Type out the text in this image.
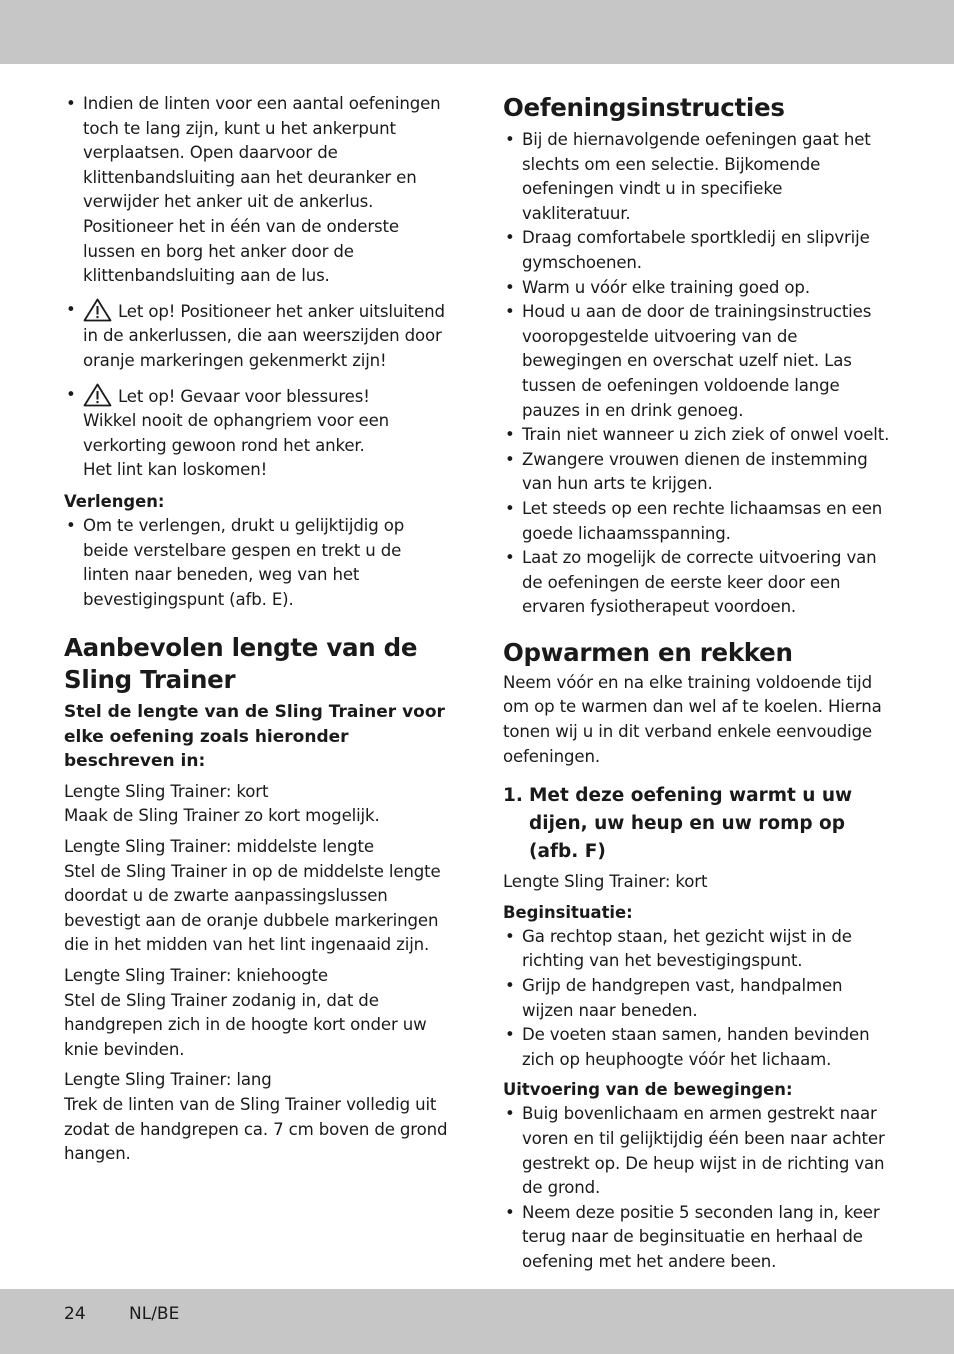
• Indien de linten voor een aantal oefeningen toch te lang zijn, kunt u het ankerpunt verplaatsen. Open daarvoor de klittenbandsluiting aan het deuranker en verwijder het anker uit de ankerlus. Positioneer het in één van de onderste lussen en borg het anker door de klittenbandsluiting aan de lus.
• Let op! Positioneer het anker uitsluitend in de ankerlussen, die aan weerszijden door oranje markeringen gekenmerkt zijn!
• Let op! Gevaar voor blessures!
Wikkel nooit de ophangriem voor een verkorting gewoon rond het anker.
Het lint kan loskomen!
Verlengen:
• Om te verlengen, drukt u gelijktijdig op beide verstelbare gespen en trekt u de linten naar beneden, weg van het bevestigingspunt (afb. E).
Aanbevolen lengte van de Sling Trainer
Stel de lengte van de Sling Trainer voor elke oefening zoals hieronder beschreven in:

Lengte Sling Trainer: kort

Maak de Sling Trainer zo kort mogelijk.

Lengte Sling Trainer: middelste lengte

Stel de Sling Trainer in op de middelste lengte doordat u de zwarte aanpassingslussen bevestigt aan de oranje dubbele markeringen die in het midden van het lint ingenaaid zijn.

Lengte Sling Trainer: kniehoogte

Stel de Sling Trainer zodanig in, dat de handgrepen zich in de hoogte kort onder uw knie bevinden.

Lengte Sling Trainer: lang

Trek de linten van de Sling Trainer volledig uit zodat de handgrepen ca. 7 cm boven de grond hangen.

Oefeningsinstructies
• Bij de hiernavolgende oefeningen gaat het slechts om een selectie. Bijkomende oefeningen vindt u in specifieke vakliteratuur.
• Draag comfortabele sportkledij en slipvrije gymschoenen.
• Warm u vóór elke training goed op.
• Houd u aan de door de trainingsinstructies vooropgestelde uitvoering van de bewegingen en overschat uzelf niet. Las tussen de oefeningen voldoende lange pauzes in en drink genoeg.
• Train niet wanneer u zich ziek of onwel voelt.
• Zwangere vrouwen dienen de instemming van hun arts te krijgen.
• Let steeds op een rechte lichaamsas en een goede lichaamsspanning.
• Laat zo mogelijk de correcte uitvoering van de oefeningen de eerste keer door een ervaren fysiotherapeut voordoen.
Opwarmen en rekken

Neem vóór en na elke training voldoende tijd om op te warmen dan wel af te koelen. Hierna tonen wij u in dit verband enkele eenvoudige oefeningen.

1. Met deze oefening warmt u uw dijen, uw heup en uw romp op (afb. F)

Lengte Sling Trainer: kort

Beginsituatie:
• Ga rechtop staan, het gezicht wijst in de richting van het bevestigingspunt.
• Grijp de handgrepen vast, handpalmen wijzen naar beneden.
• De voeten staan samen, handen bevinden zich op heuphoogte vóór het lichaam.
Uitvoering van de bewegingen:
• Buig bovenlichaam en armen gestrekt naar voren en til gelijktijdig één been naar achter gestrekt op. De heup wijst in de richting van de grond.
• Neem deze positie 5 seconden lang in, keer terug naar de beginsituatie en herhaal de oefening met het andere been.
24	NL/BE
